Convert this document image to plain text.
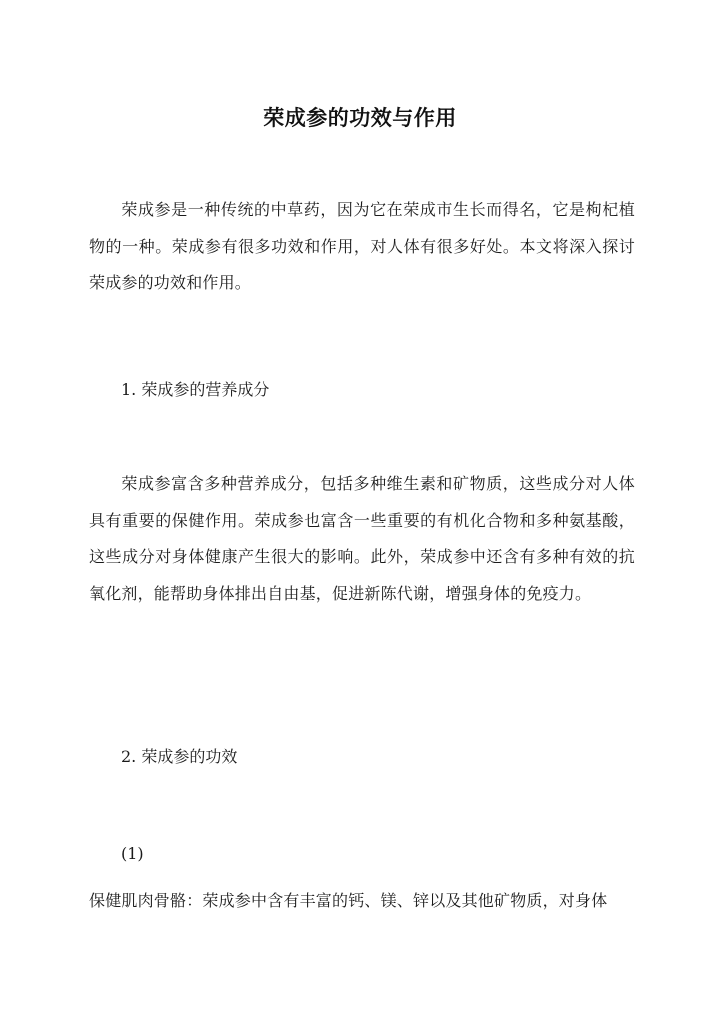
荣成参的功效与作用

荣成参是一种传统的中草药，因为它在荣成市生长而得名，它是枸杞植物的一种。荣成参有很多功效和作用，对人体有很多好处。本文将深入探讨荣成参的功效和作用。

1. 荣成参的营养成分

荣成参富含多种营养成分，包括多种维生素和矿物质，这些成分对人体具有重要的保健作用。荣成参也富含一些重要的有机化合物和多种氨基酸，这些成分对身体健康产生很大的影响。此外，荣成参中还含有多种有效的抗氧化剂，能帮助身体排出自由基，促进新陈代谢，增强身体的免疫力。

2. 荣成参的功效

(1)

保健肌肉骨骼：荣成参中含有丰富的钙、镁、锌以及其他矿物质，对身体
